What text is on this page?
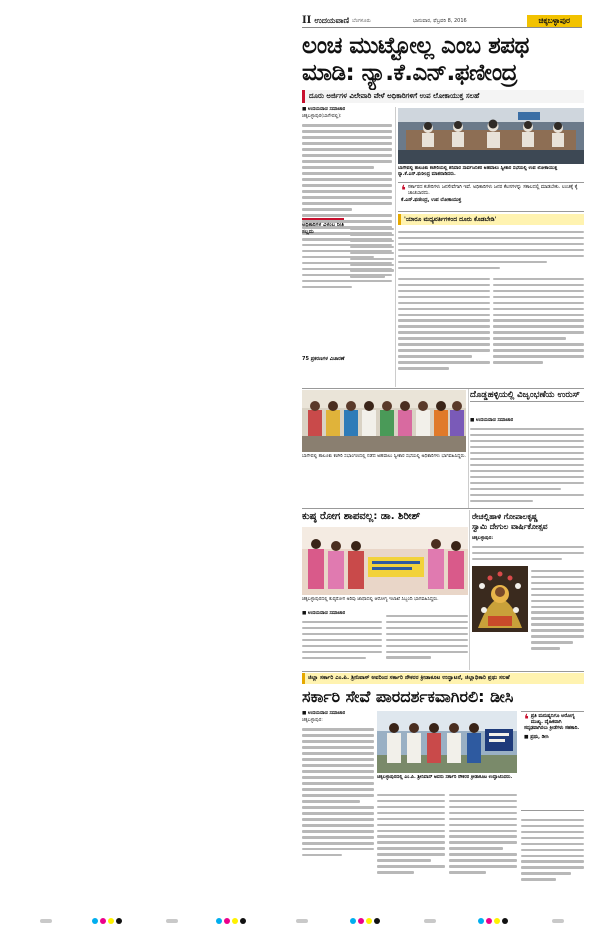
II ಉದಯವಾಣಿ ಬೆಂಗಳೂರು	ಭಾನುವಾರ, ಫೆಬ್ರವರಿ 8, 2016	ಚಿಕ್ಕಬಳ್ಳಾಪುರ
ಲಂಚ ಮುಟ್ಟೋಲ್ಲ ಎಂಬ ಶಪಥ
ಮಾಡಿ: ನ್ಯಾ.ಕೆ.ಎನ್‌.ಫಣೀಂದ್ರ
ದೂರು ಅರ್ಜಿಗಳ ವಿಲೇವಾರಿ ವೇಳೆ ಅಧಿಕಾರಿಗಳಿಗೆ ಉಪ ಲೋಕಾಯುಕ್ತ ಸಲಹೆ
■ ಉದಯವಾಣಿ ಸಮಾಚಾರ
ಚಿಕ್ಕಬಳ್ಳಾಪುರ(ಬಾಗೇಪಲ್ಲಿ):
ಅಧಿಕಾರಿಗಳ ವಿಳಂಬ ನೀತಿ ಸಲ್ಲದು
ಬಾಗೇಪಲ್ಲಿ ತಾಲೂಕು ಕಚೇರಿಯಲ್ಲಿ ಶನಿವಾರ ಸಾರ್ವಜನಿಕರ ಅಹವಾಲು ಸ್ವೀಕಾರ ಸಭೆಯಲ್ಲಿ ಉಪ ಲೋಕಾಯುಕ್ತ ನ್ಯಾ.ಕೆ.ಎನ್‌.ಫಣೀಂದ್ರ ಮಾತನಾಡಿದರು.
❛ ಸರ್ಕಾರದ ಕಚೇರಿಗಳು ಜನಸೇವೆಗಾಗಿ ಇವೆ. ಅಧಿಕಾರಿಗಳು ಜನರ ಕೆಲಸಗಳನ್ನು ಸಕಾಲದಲ್ಲಿ ಮಾಡಬೇಕು. ಲಂಚಕ್ಕೆ ಕೈ ಚಾಚಬಾರದು.
ಕೆ.ಎನ್‌.ಫಣೀಂದ್ರ, ಉಪ ಲೋಕಾಯುಕ್ತ
'ಯಾರೂ ಮಧ್ಯವರ್ತಿಗಳಿಂದ ದೂರು ಕೊಡಬೇಡಿ'
75 ಪ್ರಕರಣಗಳ ವಿಚಾರಣೆ
ಬಾಗೇಪಲ್ಲಿ ತಾಲೂಕು ಕಚೇರಿ ಸಭಾಂಗಣದಲ್ಲಿ ನಡೆದ ಅಹವಾಲು ಸ್ವೀಕಾರ ಸಭೆಯಲ್ಲಿ ಅಧಿಕಾರಿಗಳು ಭಾಗವಹಿಸಿದ್ದರು.
ದೊಡ್ಡಹಳ್ಳಿಯಲ್ಲಿ ವಿಜೃಂಭಣೆಯ ಉರುಸ್‌
■ ಉದಯವಾಣಿ ಸಮಾಚಾರ
ಕುಷ್ಠ ರೋಗ ಶಾಪವಲ್ಲ: ಡಾ. ಶಿರೀಶ್‌
ಚಿಕ್ಕಬಳ್ಳಾಪುರದಲ್ಲಿ ಕುಷ್ಠರೋಗ ಅರಿವು ಜಾಥಾದಲ್ಲಿ ಆರೋಗ್ಯ ಇಲಾಖೆ ಸಿಬ್ಬಂದಿ ಭಾಗವಹಿಸಿದ್ದರು.
■ ಉದಯವಾಣಿ ಸಮಾಚಾರ
ರೇಚಲ್ಲಿಹಾಳಿ ಗೋಪಾಲಕೃಷ್ಣ
ಸ್ವಾಮಿ ದೇಗುಲ ವಾರ್ಷಿಕೋತ್ಸವ
ಚಿಕ್ಕಬಳ್ಳಾಪುರ:
ಜಿಲ್ಲಾ ಸರ್ಕಾರಿ ಎಂ.ಪಿ. ಶ್ರೀನಿವಾಸ್‌ ಅವರಿಂದ ಸರ್ಕಾರಿ ನೌಕರರ ಕ್ರೀಡಾಕೂಟ ಉದ್ಘಾಟನೆ, ಜಿಲ್ಲಾಧಿಕಾರಿ ಪ್ರಥು ಸಲಹೆ
ಸರ್ಕಾರಿ ಸೇವೆ ಪಾರದರ್ಶಕವಾಗಿರಲಿ: ಡೀಸಿ
■ ಉದಯವಾಣಿ ಸಮಾಚಾರ
ಚಿಕ್ಕಬಳ್ಳಾಪುರ:
ಚಿಕ್ಕಬಳ್ಳಾಪುರದಲ್ಲಿ ಎಂ.ಪಿ. ಶ್ರೀನಿವಾಸ್‌ ಅವರು ಸರ್ಕಾರಿ ನೌಕರರ ಕ್ರೀಡಾಕೂಟ ಉದ್ಘಾಟಿಸಿದರು.
❛ ಪ್ರತಿ ಮನುಷ್ಯನಿಗೂ ಅರೋಗ್ಯ ಮುಖ್ಯ. ದೈಹಿಕವಾಗಿ ಸದೃಢವಾಗಿರಲು ಕ್ರೀಡೆಗಳು ಸಹಕಾರಿ.
■ ಪ್ರಥು, ಡೀಸಿ
